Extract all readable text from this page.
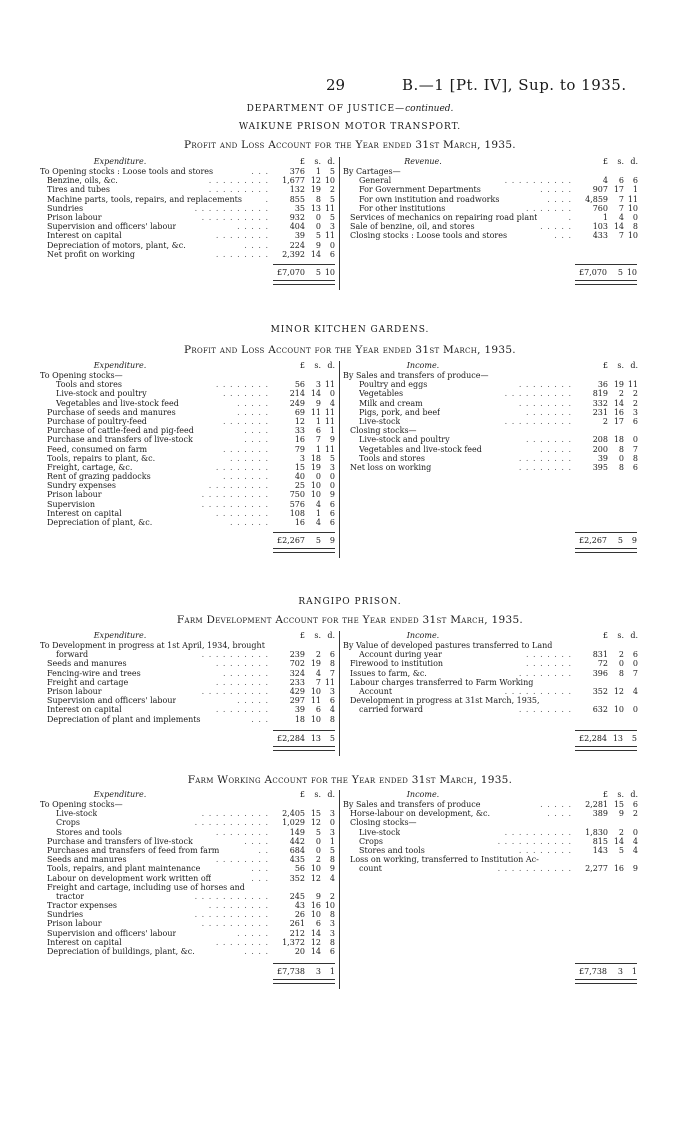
29	B.—1 [Pt. IV], Sup. to 1935.
DEPARTMENT OF JUSTICE—continued.
WAIKUNE PRISON MOTOR TRANSPORT.
Profit and Loss Account for the Year ended 31st March, 1935.
Expenditure.	£	s. d.
To Opening stocks : Loose tools and stores	. . .	376	1	5
Benzine, oils, &c.	. . . . . . . . .	1,677 12 10
Tires and tubes	. . . . . . . . .	132 19	2
Machine parts, tools, repairs, and replacements	.	855	8	5
Sundries	. . . . . . . . . . .	35 13 11
Prison labour	. . . . . . . . . .	932	0	5
Supervision and officers' labour	. . . . .	404	0	3
Interest on capital	. . . . . . . .	39	5 11
Depreciation of motors, plant, &c.	. . . .	224	9	0
Net profit on working	. . . . . . . .	2,392 14	6
Revenue.	£	s. d.
By Cartages—
General	. . . . . . . . . .	4	6	6
For Government Departments	. . . . .	907 17	1
For own institution and roadworks	. . . .	4,859	7 11
For other institutions	. . . . . . .	760	7 10
Services of mechanics on repairing road plant	.	1	4	0
Sale of benzine, oil, and stores	. . . . .	103 14	8
Closing stocks : Loose tools and stores	. . .	433	7 10
£7,070	5 10	£7,070	5 10
MINOR KITCHEN GARDENS.
Profit and Loss Account for the Year ended 31st March, 1935.
Expenditure.	£	s. d.
To Opening stocks—
Tools and stores	. . . . . . . .	56	3 11
Live-stock and poultry	. . . . . . .	214 14	0
Vegetables and live-stock feed	. . . . .	249	9	4
Purchase of seeds and manures	. . . . .	69 11 11
Purchase of poultry-feed	. . . . . . .	12	1 11
Purchase of cattle-feed and pig-feed	. . . .	33	6	1
Purchase and transfers of live-stock	. . . .	16	7	9
Feed, consumed on farm	. . . . . . .	79	1 11
Tools, repairs to plant, &c.	. . . . . .	3 18	5
Freight, cartage, &c.	. . . . . . . .	15 19	3
Rent of grazing paddocks	. . . . . . .	40	0	0
Sundry expenses	. . . . . . . . .	25 10	0
Prison labour	. . . . . . . . . .	750 10	9
Supervision	. . . . . . . . . .	576	4	6
Interest on capital	. . . . . . . .	108	1	6
Depreciation of plant, &c.	. . . . . .	16	4	6
Income.	£	s. d.
By Sales and transfers of produce—
Poultry and eggs	. . . . . . . .	36 19 11
Vegetables	. . . . . . . . . .	819	2	2
Milk and cream	. . . . . . . .	332 14	2
Pigs, pork, and beef	. . . . . . .	231 16	3
Live-stock	. . . . . . . . . .	2 17	6
Closing stocks—
Live-stock and poultry	. . . . . . .	208 18	0
Vegetables and live-stock feed	. . . . .	200	8	7
Tools and stores	. . . . . . . .	39	0	8
Net loss on working	. . . . . . . .	395	8	6
£2,267	5	9	£2,267	5	9
RANGIPO PRISON.
Farm Development Account for the Year ended 31st March, 1935.
Expenditure.	£	s. d.
To Development in progress at 1st April, 1934, brought
forward	. . . . . . . . . .	239	2	6
Seeds and manures	. . . . . . . .	702 19	8
Fencing-wire and trees	. . . . . . .	324	4	7
Freight and cartage	. . . . . . . .	233	7 11
Prison labour	. . . . . . . . . .	429 10	3
Supervision and officers' labour	. . . . .	297 11	6
Interest on capital	. . . . . . . .	39	6	4
Depreciation of plant and implements	. . .	18 10	8
Income.	£	s. d.
By Value of developed pastures transferred to Land
Account during year	. . . . . . .	831	2	6
Firewood to institution	. . . . . . .	72	0	0
Issues to farm, &c.	. . . . . . . .	396	8	7
Labour charges transferred to Farm Working
Account	. . . . . . . . . .	352 12	4
Development in progress at 31st March, 1935,
carried forward	. . . . . . . .	632 10	0
£2,284 13	5	£2,284 13	5
Farm Working Account for the Year ended 31st March, 1935.
Expenditure.	£	s. d.
To Opening stocks—
Live-stock	. . . . . . . . . .	2,405 15	3
Crops	. . . . . . . . . . .	1,029 12	0
Stores and tools	. . . . . . . .	149	5	3
Purchase and transfers of live-stock	. . . .	442	0	1
Purchases and transfers of feed from farm	. .	684	0	5
Seeds and manures	. . . . . . . .	435	2	8
Tools, repairs, and plant maintenance	. . .	56 10	9
Labour on development work written off	. . .	352 12	4
Freight and cartage, including use of horses and
tractor	. . . . . . . . . . .	245	9	2
Tractor expenses	. . . . . . . . .	43 16 10
Sundries	. . . . . . . . . . .	26 10	8
Prison labour	. . . . . . . . . .	261	6	3
Supervision and officers' labour	. . . . .	212 14	3
Interest on capital	. . . . . . . .	1,372 12	8
Depreciation of buildings, plant, &c.	. . . .	20 14	6
Income.	£	s. d.
By Sales and transfers of produce	. . . . .	2,281 15	6
Horse-labour on development, &c.	. . . .	389	9	2
Closing stocks—
Live-stock	. . . . . . . . . .	1,830	2	0
Crops	. . . . . . . . . . .	815 14	4
Stores and tools	. . . . . . . .	143	5	4
Loss on working, transferred to Institution Ac-
count	. . . . . . . . . . .	2,277 16	9
£7,738	3	1	£7,738	3	1
